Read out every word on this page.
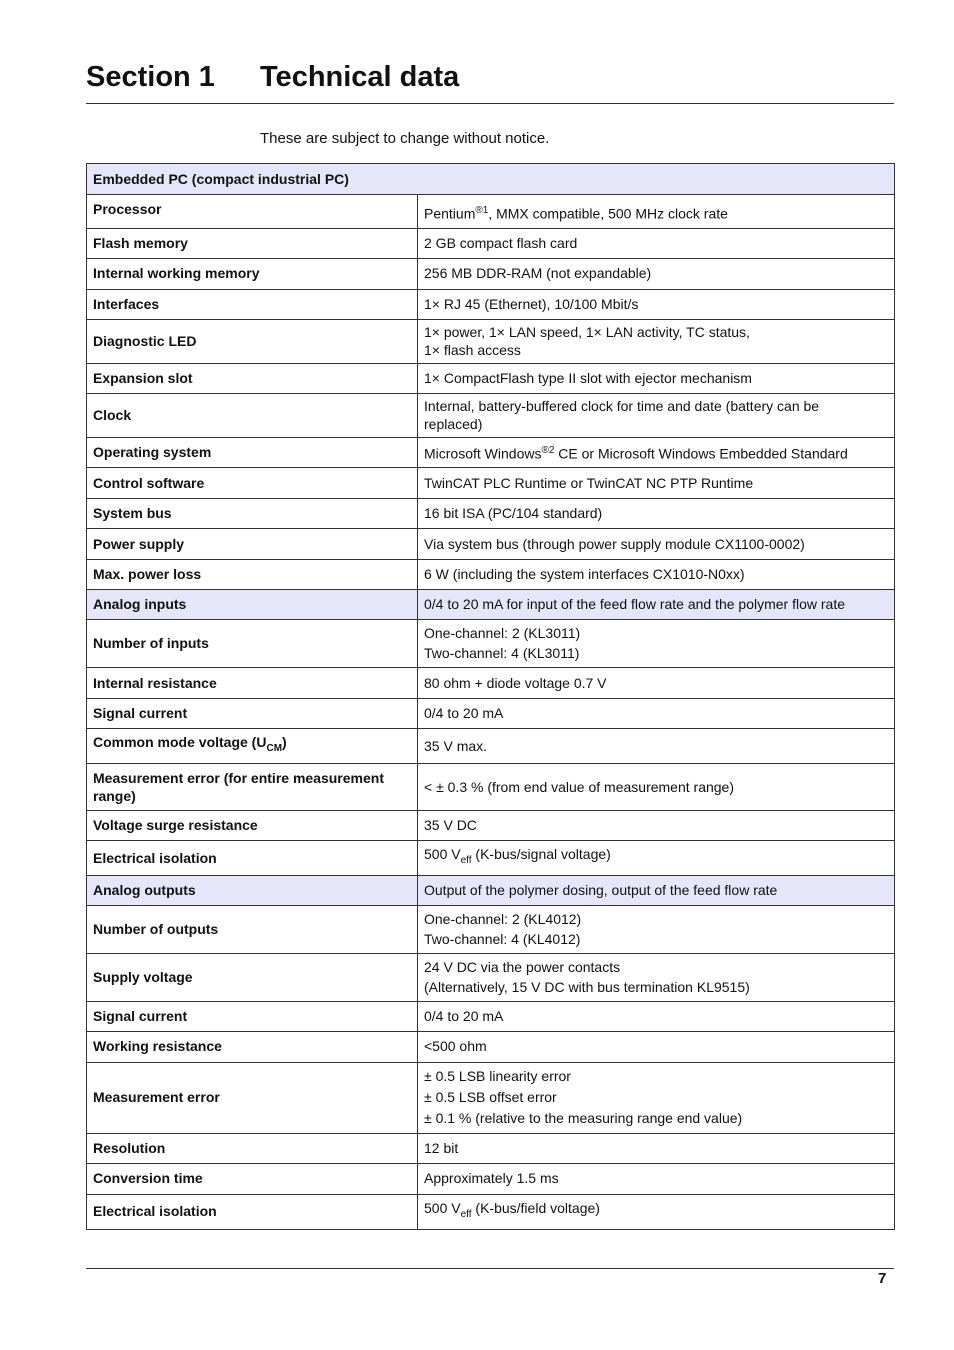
Section 1 Technical data
These are subject to change without notice.
Embedded PC (compact industrial PC)	
Processor	Pentium$^{®1}$, MMX compatible, 500 MHz clock rate
Flash memory	2 GB compact flash card
Internal working memory	256 MB DDR-RAM (not expandable)
Interfaces	1× RJ 45 (Ethernet), 10/100 Mbit/s
Diagnostic LED	1× power, 1× LAN speed, 1× LAN activity, TC status,
1× flash access
Expansion slot	1× CompactFlash type II slot with ejector mechanism
Clock	Internal, battery-buffered clock for time and date (battery can be
replaced)
Operating system	Microsoft Windows$^{®2}$ CE or Microsoft Windows Embedded Standard
Control software	TwinCAT PLC Runtime or TwinCAT NC PTP Runtime
System bus	16 bit ISA (PC/104 standard)
Power supply	Via system bus (through power supply module CX1100-0002)
Max. power loss	6 W (including the system interfaces CX1010-N0xx)
Analog inputs	0/4 to 20 mA for input of the feed flow rate and the polymer flow rate
Number of inputs	One-channel: 2 (KL3011)
Two-channel: 4 (KL3011)
Internal resistance	80 ohm + diode voltage 0.7 V
Signal current	0/4 to 20 mA
Common mode voltage $(U_{CM})$	35 V max.
Measurement error (for entire measurement range)	< ± 0.3 % (from end value of measurement range)
Voltage surge resistance	35 V DC
Electrical isolation	500 $V_{eff}$ (K-bus/signal voltage)
Analog outputs	Output of the polymer dosing, output of the feed flow rate
Number of outputs	One-channel: 2 (KL4012)
Two-channel: 4 (KL4012)
Supply voltage	24 V DC via the power contacts
(Alternatively, 15 V DC with bus termination KL9515)
Signal current	0/4 to 20 mA
Working resistance	<500 ohm
Measurement error	± 0.5 LSB linearity error
± 0.5 LSB offset error
± 0.1 % (relative to the measuring range end value)
Resolution	12 bit
Conversion time	Approximately 1.5 ms
Electrical isolation	500 $V_{eff}$ (K-bus/field voltage)
7
